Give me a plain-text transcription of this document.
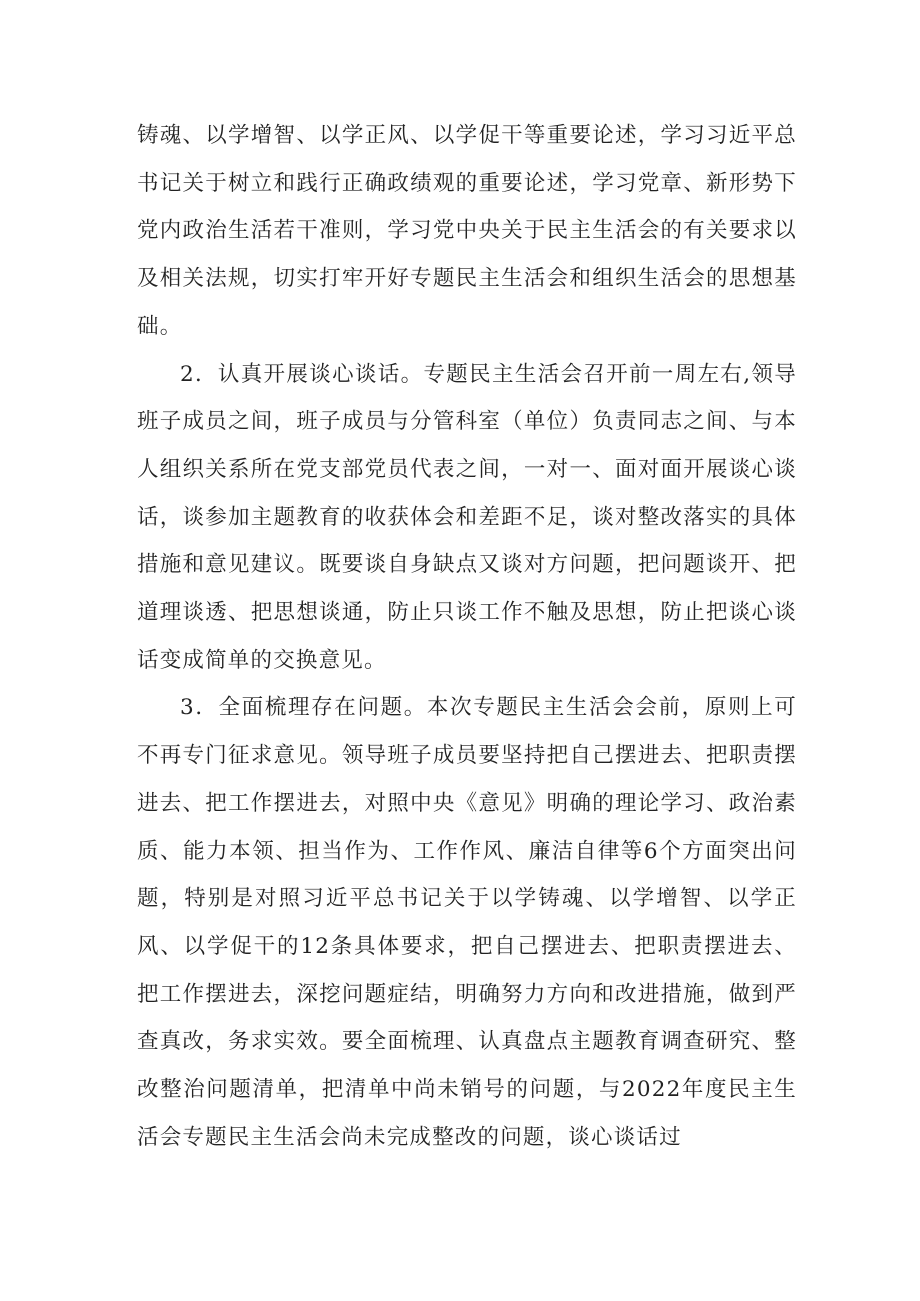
铸魂、以学增智、以学正风、以学促干等重要论述，学习习近平总书记关于树立和践行正确政绩观的重要论述，学习党章、新形势下党内政治生活若干准则，学习党中央关于民主生活会的有关要求以及相关法规，切实打牢开好专题民主生活会和组织生活会的思想基础。

2．认真开展谈心谈话。专题民主生活会召开前一周左右,领导班子成员之间，班子成员与分管科室（单位）负责同志之间、与本人组织关系所在党支部党员代表之间，一对一、面对面开展谈心谈话，谈参加主题教育的收获体会和差距不足，谈对整改落实的具体措施和意见建议。既要谈自身缺点又谈对方问题，把问题谈开、把道理谈透、把思想谈通，防止只谈工作不触及思想，防止把谈心谈话变成简单的交换意见。

3．全面梳理存在问题。本次专题民主生活会会前，原则上可不再专门征求意见。领导班子成员要坚持把自己摆进去、把职责摆进去、把工作摆进去，对照中央《意见》明确的理论学习、政治素质、能力本领、担当作为、工作作风、廉洁自律等6个方面突出问题，特别是对照习近平总书记关于以学铸魂、以学增智、以学正风、以学促干的12条具体要求，把自己摆进去、把职责摆进去、把工作摆进去，深挖问题症结，明确努力方向和改进措施，做到严查真改，务求实效。要全面梳理、认真盘点主题教育调查研究、整改整治问题清单，把清单中尚未销号的问题，与2022年度民主生活会专题民主生活会尚未完成整改的问题，谈心谈话过
